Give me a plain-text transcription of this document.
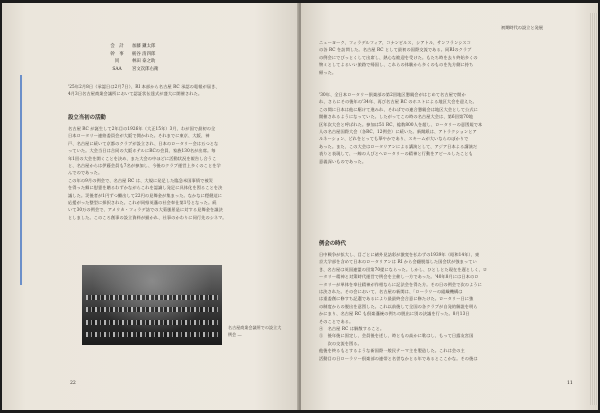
会　計	加藤 鎌太郎
幹　事	栃谷 清四郎
同	林田 泰之助
SAA	宮文次郎右衛
'25年2月8日（承認日は2月7日）、RI 本部から名古屋 RC 承認の電報が届き、
4月3日名古屋商業会議所において認証状伝達式が盛大に開催された。
設立当初の活動
名古屋 RC が誕生して2年目の1926年（大正15年）3月、わが国で最初の全
日本ロータリー連絡委員会が大阪で開かれた。それまでに東京、大阪、神
戸、名古屋に続いて京都のクラブが設立され、日本のロータリー会は五つとな
っていた。大会当日は合同の大阪ホテルにRCの会員、家族130名が出席。毎
年1回の大会を開くことを決め、また大会の中ほどに活動状況を報告し合うこ
と、名古屋からは伊藤会員も7名が参加し、今後のクラブ運営上多くのことを学
んでのであった。
この年の9月の例会で、名古屋 RC は、大規に発足した臨急米国事情で被災
を得った郷に慰霊を贈るわずかながらこれを認識し発足に具体化を図ることを決
議した。災後者が1円ずつ醵出して22円の見舞金が集まった。なかなに穏健這に
応援がった整型に採択された。これが同県英藩の社会奉仕第1号となった。続
いて30万の例会で、アメリカ・フィラデ詰での大菊風景是に対する見舞金を議決
としました。このころ創事の設立資料が描かれ、社事のかわりに同行先のシネマ。
名古屋商業会議所での設立大例会 ―
22
初期時代の設立と発展
ニューヨーク、フィラデルフィア、コナンビルス、シアトル、サンフランシスコ
の各 RC を訪問した。名古屋 RC として最初の国際交流である。同RIのクラブ
の例会にでびっとくして出席し、熱心な歓迎を受けた。もたち時を去り終始多くの
物ミとしてよるいい旅路で帰国し、これらの体験から多くのものを先方側に持ち
帰った。
'30年、全日本ロータリー倶楽部の第2回地区懇親会がはじめて名古屋で開か
れ、さらにその後年の'34年、再び名古屋 RC のホストによる地区大会を迎えた。
この間に日本は他に駆けて進みれ、そればでの連合懇親会は地区大会として公式に
開催されるようになっていた。したがってこの時の名古屋大会は、第6回第70地
区年次大会と呼ばれた。参加は51 RC、総数800人を超し、ロータリーの意図規で本
人の名古屋国際大会（各RC、12例会）に続いた。新聞紙は、アトラクションとア
ルネーション、どれをとっても華やかであり、スキームが大いならのぼかりで
あった。また、この大会はロータリアンによる講演として、アジア日本よる講演だ
表りと表現して、一線の人びとへロータリーの精神と行動をアピールしたことも
意義深いものであった。
例会の時代
日中戦争が拡大し、目ごとに緒外見詰彩が激変を払わずの1939年（昭和14年）、東
京大学部を含めて日本のロータリアンは RI から会翻脱落した国会状が強まってい
き、名古屋は英国連盟の団第70提にならった。しかし、ひとしとた現在を遅としく、ロ
ータリー精神と対策時代運営で例会を主催し一方であった。'40年8月には日本のロ
ータリーが単体を奉仕精神が作相ならに記法会を得た方。その日の例会で次のように
は決された。その会において、名古屋の新関は、「ローラリーの組織機構は
は重委創に修すち記選であるにより最最終会合意に修たけた。ロータリー日に強
の制度からの脱出を意図した。これ以前後して全国の各クラブが自発的解説を明ら
かにまり、名古屋 RC も倶楽藩統の例ちの脱出に別の決議を行った。8月13日
そのことである。
④　名古屋 RC は解散すること。
⑤　後年後に固定し、会員後を述し、時ともの高かに歌はし、もって日露友宮国
　　次の交流を図る。
他後を終るもとするような新国際一般民テーマ主を製造した。これは会の主
活動目の日ローラリー倶楽部の連帯と名誉なかとる年であるとここかな。その後は
11
